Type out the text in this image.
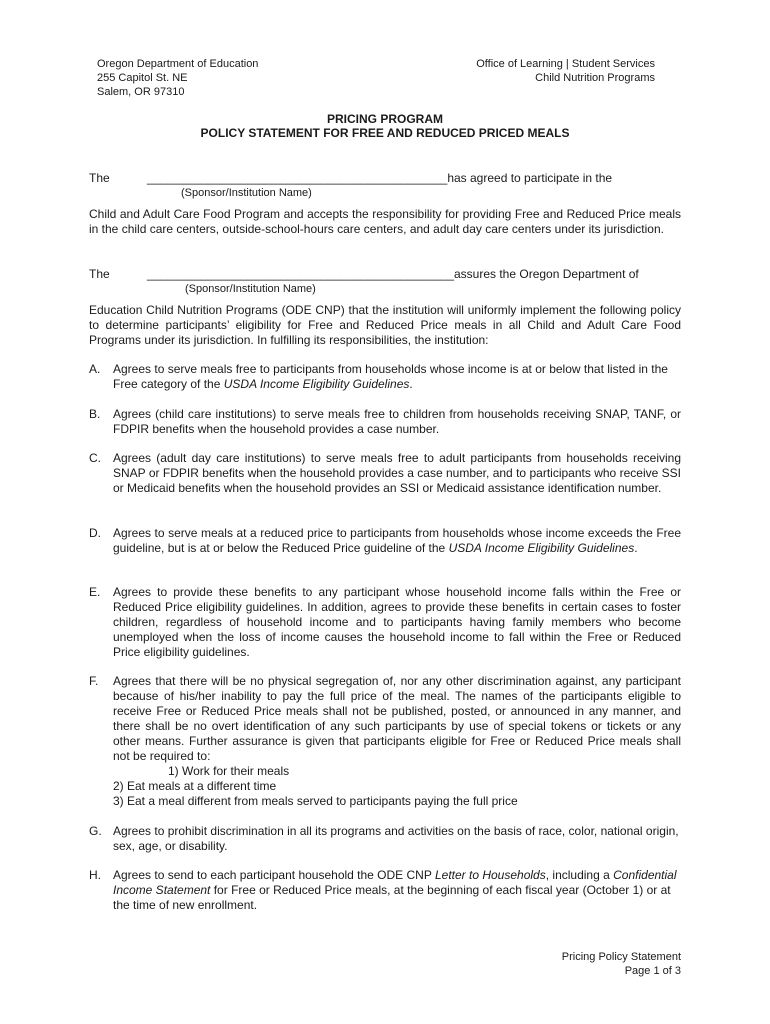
Oregon Department of Education
255 Capitol St. NE
Salem, OR 97310
Office of Learning | Student Services
Child Nutrition Programs
PRICING PROGRAM
POLICY STATEMENT FOR FREE AND REDUCED PRICED MEALS
The	_____________________________________________has agreed to participate in the
(Sponsor/Institution Name)
Child and Adult Care Food Program and accepts the responsibility for providing Free and Reduced Price meals in the child care centers, outside-school-hours care centers, and adult day care centers under its jurisdiction.
The	______________________________________________assures the Oregon Department of
(Sponsor/Institution Name)
Education Child Nutrition Programs (ODE CNP) that the institution will uniformly implement the following policy to determine participants’ eligibility for Free and Reduced Price meals in all Child and Adult Care Food Programs under its jurisdiction. In fulfilling its responsibilities, the institution:
A. Agrees to serve meals free to participants from households whose income is at or below that listed in the Free category of the USDA Income Eligibility Guidelines.
B. Agrees (child care institutions) to serve meals free to children from households receiving SNAP, TANF, or FDPIR benefits when the household provides a case number.
C. Agrees (adult day care institutions) to serve meals free to adult participants from households receiving SNAP or FDPIR benefits when the household provides a case number, and to participants who receive SSI or Medicaid benefits when the household provides an SSI or Medicaid assistance identification number.
D. Agrees to serve meals at a reduced price to participants from households whose income exceeds the Free guideline, but is at or below the Reduced Price guideline of the USDA Income Eligibility Guidelines.
E. Agrees to provide these benefits to any participant whose household income falls within the Free or Reduced Price eligibility guidelines. In addition, agrees to provide these benefits in certain cases to foster children, regardless of household income and to participants having family members who become unemployed when the loss of income causes the household income to fall within the Free or Reduced Price eligibility guidelines.
F. Agrees that there will be no physical segregation of, nor any other discrimination against, any participant because of his/her inability to pay the full price of the meal. The names of the participants eligible to receive Free or Reduced Price meals shall not be published, posted, or announced in any manner, and there shall be no overt identification of any such participants by use of special tokens or tickets or any other means. Further assurance is given that participants eligible for Free or Reduced Price meals shall not be required to:
1) Work for their meals
2) Eat meals at a different time
3) Eat a meal different from meals served to participants paying the full price
G. Agrees to prohibit discrimination in all its programs and activities on the basis of race, color, national origin, sex, age, or disability.
H. Agrees to send to each participant household the ODE CNP Letter to Households, including a Confidential Income Statement for Free or Reduced Price meals, at the beginning of each fiscal year (October 1) or at the time of new enrollment.
Pricing Policy Statement
Page 1 of 3
